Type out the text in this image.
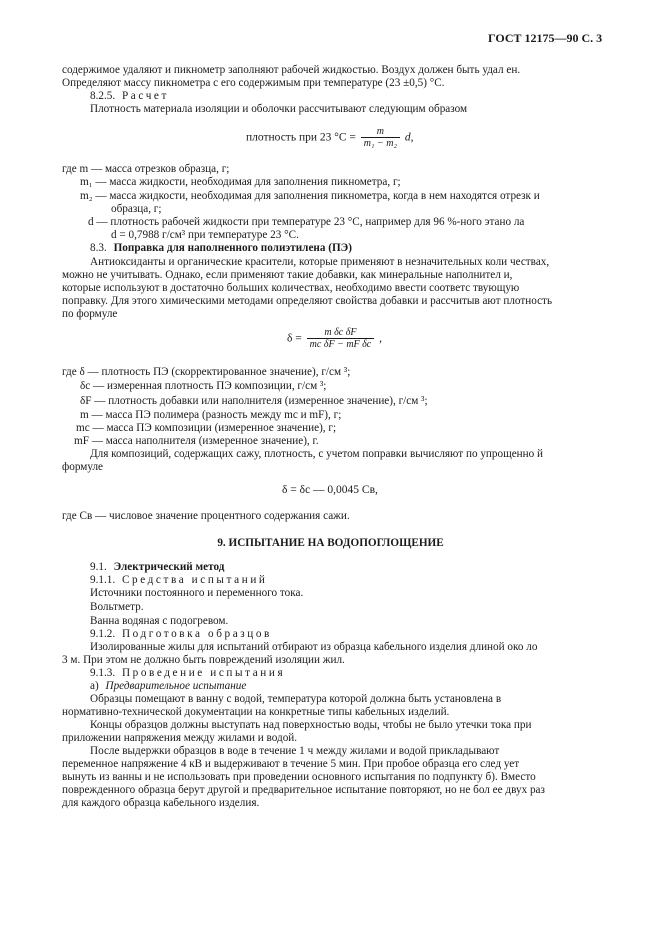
ГОСТ 12175—90 С. 3
содержимое удаляют и пикнометр заполняют рабочей жидкостью. Воздух должен быть удал ен.
Определяют массу пикнометра с его содержимым при температуре (23 ±0,5) °С.
8.2.5. Расчет
Плотность материала изоляции и оболочки рассчитывают следующим образом
плотность при 23 $^\circ С = \frac{m}{\text{m₁ − m₂}} d$,
где m — масса отрезков образца, г;
m₁ — масса жидкости, необходимая для заполнения пикнометра, г;
m₂ — масса жидкости, необходимая для заполнения пикнометра, когда в нем находятся отрезк и
образца, г;
d — плотность рабочей жидкости при температуре 23 °С, например для 96 %-ного этано ла
d = 0,7988 г/см³ при температуре 23 °С.
8.3. Поправка для наполненного полиэтилена (ПЭ)
Антиоксиданты и органические красители, которые применяют в незначительных коли чествах,
можно не учитывать. Однако, если применяют такие добавки, как минеральные наполнител и,
которые используют в достаточно больших количествах, необходимо ввести соответс твующую
поправку. Для этого химическими методами определяют свойства добавки и рассчитыв ают плотность
по формуле
$\delta = \frac{\text{m δc δF}}{\text{mc δF − mF δc}}$ ,
где δ — плотность ПЭ (скорректированное значение), г/см ³;
δc — измеренная плотность ПЭ композиции, г/см ³;
δF — плотность добавки или наполнителя (измеренное значение), г/см ³;
m — масса ПЭ полимера (разность между mc и mF), г;
mc — масса ПЭ композиции (измеренное значение), г;
mF — масса наполнителя (измеренное значение), г.
Для композиций, содержащих сажу, плотность, с учетом поправки вычисляют по упрощенно й
формуле
δ = δc — 0,0045 Cв,
где Cв — числовое значение процентного содержания сажи.
9. ИСПЫТАНИЕ НА ВОДОПОГЛОЩЕНИЕ
9.1. Электрический метод
9.1.1. Средства испытаний
Источники постоянного и переменного тока.
Вольтметр.
Ванна водяная с подогревом.
9.1.2. Подготовка образцов
Изолированные жилы для испытаний отбирают из образца кабельного изделия длиной око ло
3 м. При этом не должно быть повреждений изоляции жил.
9.1.3. Проведение испытания
а) Предварительное испытание
Образцы помещают в ванну с водой, температура которой должна быть установлена в
нормативно-технической документации на конкретные типы кабельных изделий.
Концы образцов должны выступать над поверхностью воды, чтобы не было утечки тока при
приложении напряжения между жилами и водой.
После выдержки образцов в воде в течение 1 ч между жилами и водой прикладывают
переменное напряжение 4 кВ и выдерживают в течение 5 мин. При пробое образца его след ует
вынуть из ванны и не использовать при проведении основного испытания по подпункту б). Вместо
поврежденного образца берут другой и предварительное испытание повторяют, но не бол ее двух раз
для каждого образца кабельного изделия.
